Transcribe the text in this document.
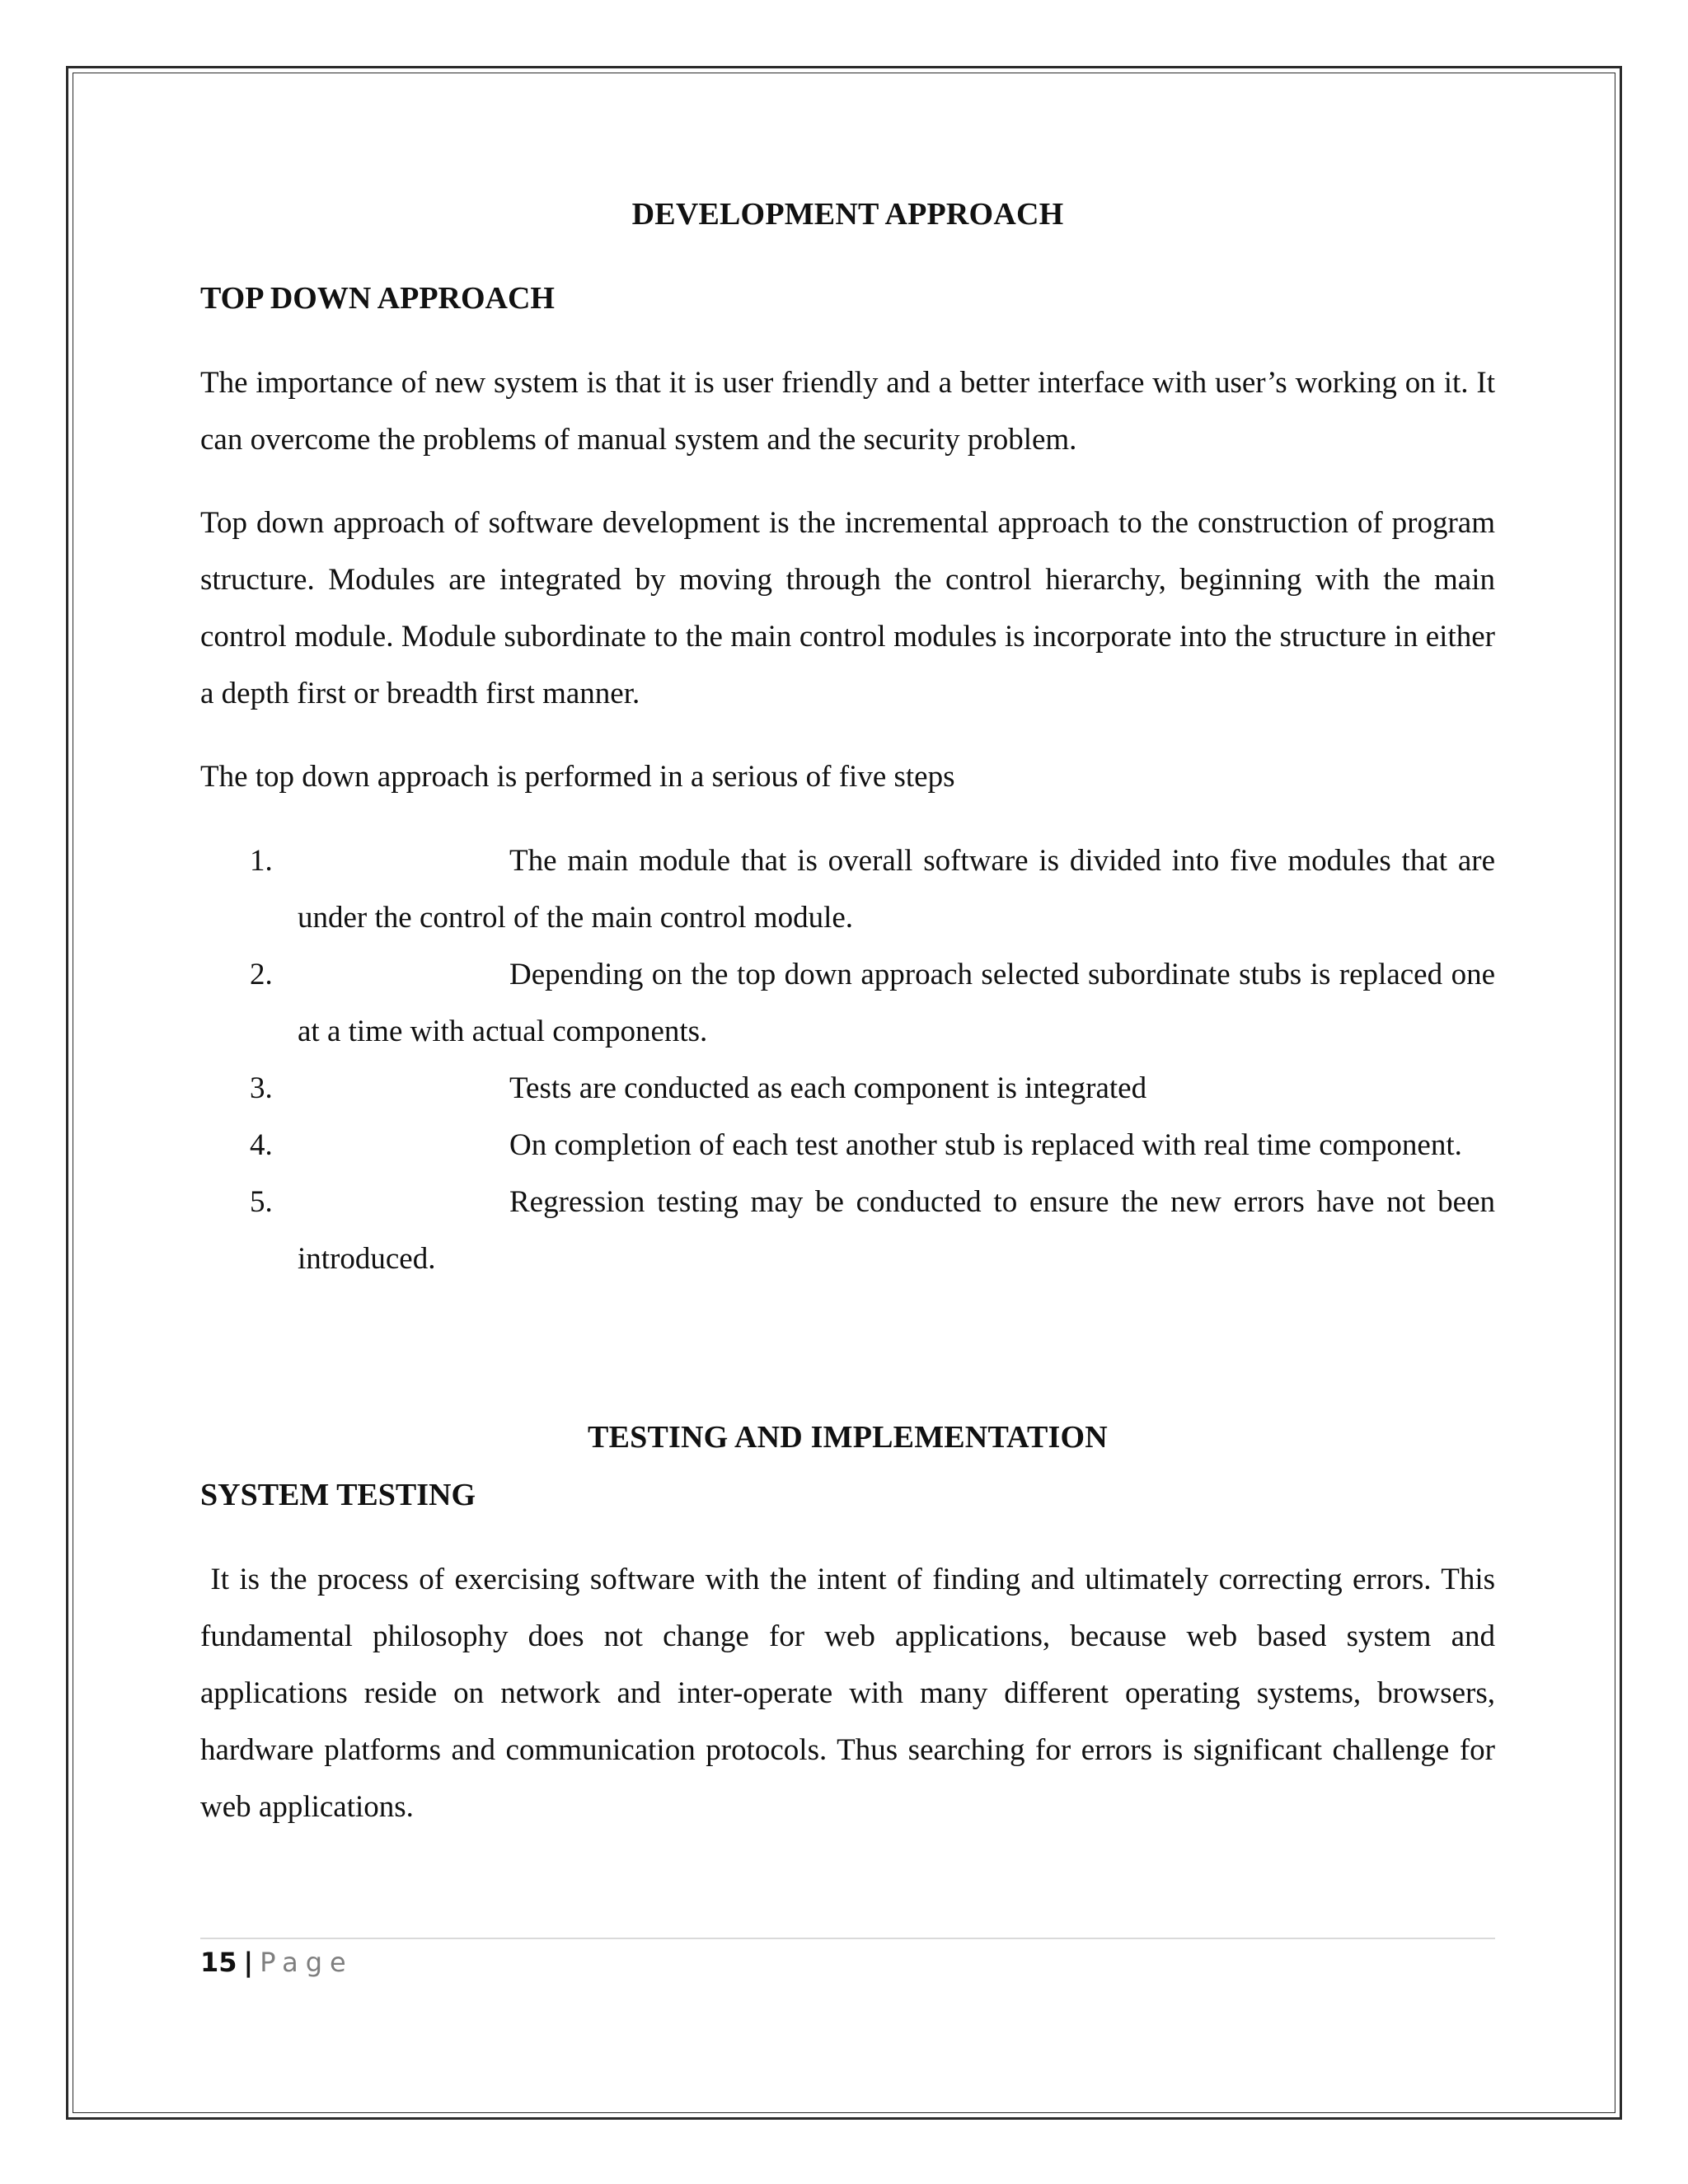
DEVELOPMENT APPROACH
TOP DOWN APPROACH
The importance of new system is that it is user friendly and a better interface with user’s working on it. It can overcome the problems of manual system and the security problem.
Top down approach of software development is the incremental approach to the construction of program structure. Modules are integrated by moving through the control hierarchy, beginning with the main control module. Module subordinate to the main control modules is incorporate into the structure in either a depth first or breadth first manner.
The top down approach is performed in a serious of five steps
1.	The main module that is overall software is divided into five modules that are under the control of the main control module.
2.	Depending on the top down approach selected subordinate stubs is replaced one at a time with actual components.
3.	Tests are conducted as each component is integrated
4.	On completion of each test another stub is replaced with real time component.
5.	Regression testing may be conducted to ensure the new errors have not been introduced.
TESTING AND IMPLEMENTATION
SYSTEM TESTING
It is the process of exercising software with the intent of finding and ultimately correcting errors. This fundamental philosophy does not change for web applications, because web based system and applications reside on network and inter-operate with many different operating systems, browsers, hardware platforms and communication protocols. Thus searching for errors is significant challenge for web applications.
15 | Page
